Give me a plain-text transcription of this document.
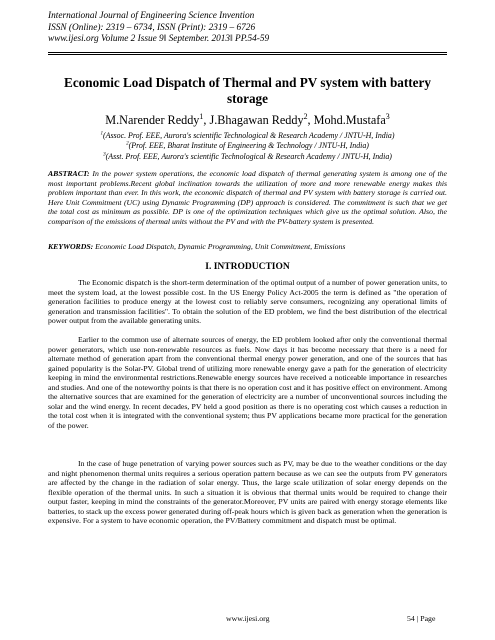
International Journal of Engineering Science Invention
ISSN (Online): 2319 – 6734, ISSN (Print): 2319 – 6726
www.ijesi.org Volume 2 Issue 9ǁ September. 2013ǁ PP.54-59
Economic Load Dispatch of Thermal and PV system with battery storage
M.Narender Reddy$^1$, J.Bhagawan Reddy$^2$, Mohd.Mustafa$^3$
$^1$(Assoc. Prof. EEE, Aurora's scientific Technological & Research Academy / JNTU-H, India)
$^2$(Prof. EEE, Bharat Institute of Engineering & Technology / JNTU-H, India)
$^3$(Asst. Prof. EEE, Aurora's scientific Technological & Research Academy / JNTU-H, India)
ABSTRACT: In the power system operations, the economic load dispatch of thermal generating system is among one of the most important problems.Recent global inclination towards the utilization of more and more renewable energy makes this problem important than ever. In this work, the economic dispatch of thermal and PV system with battery storage is carried out. Here Unit Commitment (UC) using Dynamic Programming (DP) approach is considered. The commitment is such that we get the total cost as minimum as possible. DP is one of the optimization techniques which give us the optimal solution. Also, the comparison of the emissions of thermal units without the PV and with the PV-battery system is presented.
KEYWORDS: Economic Load Dispatch, Dynamic Programming, Unit Commitment, Emissions
I. INTRODUCTION
The Economic dispatch is the short-term determination of the optimal output of a number of power generation units, to meet the system load, at the lowest possible cost. In the US Energy Policy Act-2005 the term is defined as "the operation of generation facilities to produce energy at the lowest cost to reliably serve consumers, recognizing any operational limits of generation and transmission facilities". To obtain the solution of the ED problem, we find the best distribution of the electrical power output from the available generating units.
Earlier to the common use of alternate sources of energy, the ED problem looked after only the conventional thermal power generators, which use non-renewable resources as fuels. Now days it has become necessary that there is a need for alternate method of generation apart from the conventional thermal energy power generation, and one of the sources that has gained popularity is the Solar-PV. Global trend of utilizing more renewable energy gave a path for the generation of electricity keeping in mind the environmental restrictions.Renewable energy sources have received a noticeable importance in researches and studies. And one of the noteworthy points is that there is no operation cost and it has positive effect on environment. Among the alternative sources that are examined for the generation of electricity are a number of unconventional sources including the solar and the wind energy. In recent decades, PV held a good position as there is no operating cost which causes a reduction in the total cost when it is integrated with the conventional system; thus PV applications became more practical for the generation of the power.
In the case of huge penetration of varying power sources such as PV, may be due to the weather conditions or the day and night phenomenon thermal units requires a serious operation pattern because as we can see the outputs from PV generators are affected by the change in the radiation of solar energy. Thus, the large scale utilization of solar energy depends on the flexible operation of the thermal units. In such a situation it is obvious that thermal units would be required to change their output faster, keeping in mind the constraints of the generator.Moreover, PV units are paired with energy storage elements like batteries, to stack up the excess power generated during off-peak hours which is given back as generation when the generation is expensive. For a system to have economic operation, the PV/Battery commitment and dispatch must be optimal.
www.ijesi.org	54 | Page
